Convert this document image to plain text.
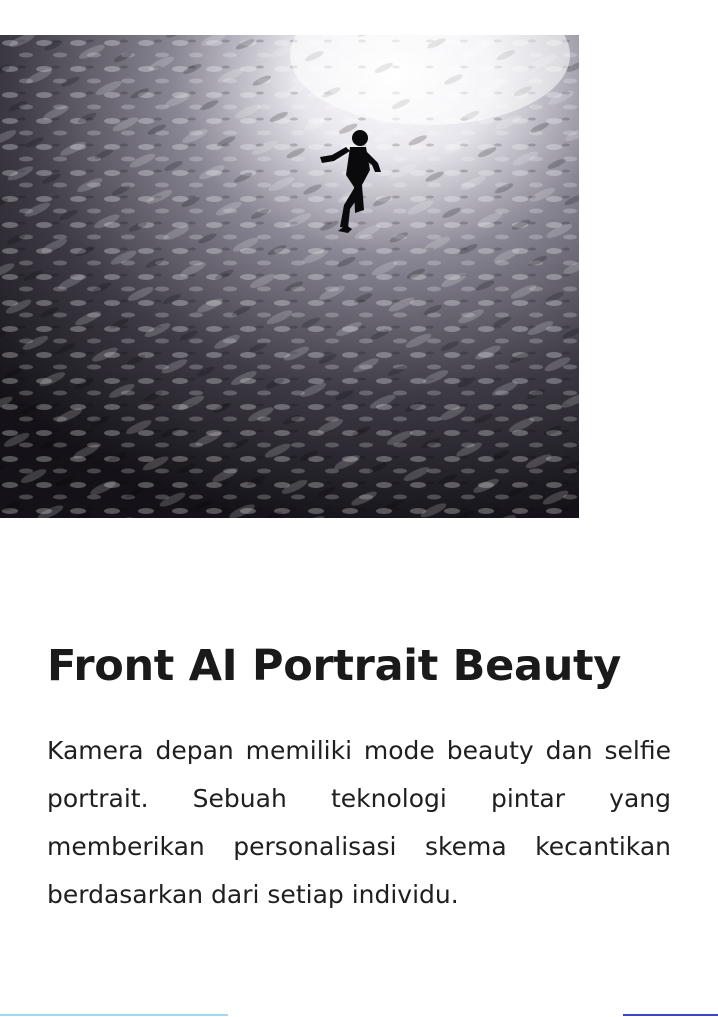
Front AI Portrait Beauty

Kamera depan memiliki mode beauty dan selfie portrait. Sebuah teknologi pintar yang memberikan personalisasi skema kecantikan berdasarkan dari setiap individu.
